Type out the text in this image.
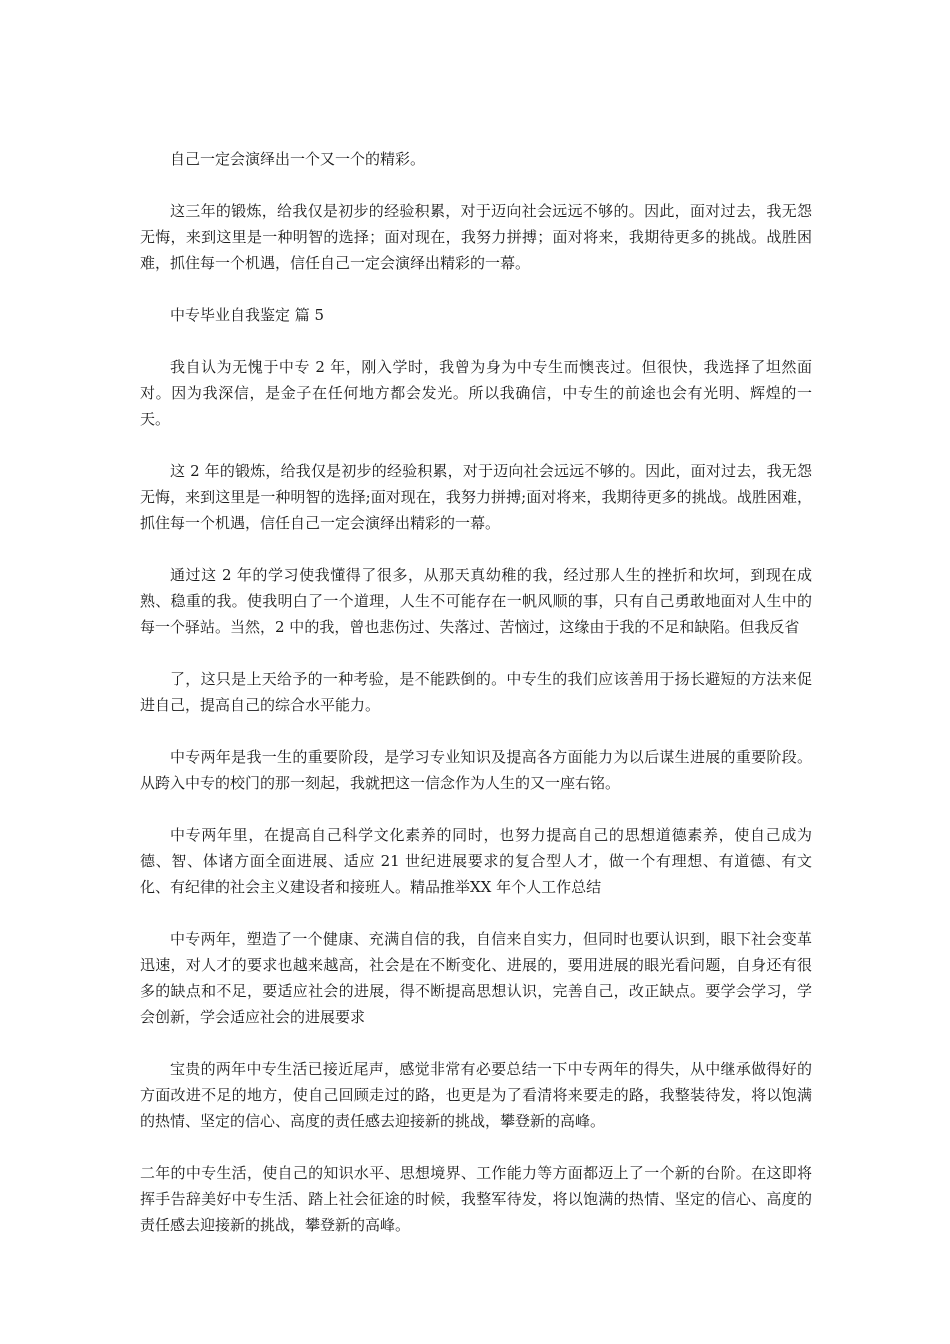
自己一定会演绎出一个又一个的精彩。

这三年的锻炼，给我仅是初步的经验积累，对于迈向社会远远不够的。因此，面对过去，我无怨无悔，来到这里是一种明智的选择；面对现在，我努力拼搏；面对将来，我期待更多的挑战。战胜困难，抓住每一个机遇，信任自己一定会演绎出精彩的一幕。

中专毕业自我鉴定 篇 5

我自认为无愧于中专 2 年，刚入学时，我曾为身为中专生而懊丧过。但很快，我选择了坦然面对。因为我深信，是金子在任何地方都会发光。所以我确信，中专生的前途也会有光明、辉煌的一天。

这 2 年的锻炼，给我仅是初步的经验积累，对于迈向社会远远不够的。因此，面对过去，我无怨无悔，来到这里是一种明智的选择;面对现在，我努力拼搏;面对将来，我期待更多的挑战。战胜困难，抓住每一个机遇，信任自己一定会演绎出精彩的一幕。

通过这 2 年的学习使我懂得了很多，从那天真幼稚的我，经过那人生的挫折和坎坷，到现在成熟、稳重的我。使我明白了一个道理，人生不可能存在一帆风顺的事，只有自己勇敢地面对人生中的每一个驿站。当然，2 中的我，曾也悲伤过、失落过、苦恼过，这缘由于我的不足和缺陷。但我反省

了，这只是上天给予的一种考验，是不能跌倒的。中专生的我们应该善用于扬长避短的方法来促进自己，提高自己的综合水平能力。

中专两年是我一生的重要阶段，是学习专业知识及提高各方面能力为以后谋生进展的重要阶段。从跨入中专的校门的那一刻起，我就把这一信念作为人生的又一座右铭。

中专两年里，在提高自己科学文化素养的同时，也努力提高自己的思想道德素养，使自己成为德、智、体诸方面全面进展、适应 21 世纪进展要求的复合型人才，做一个有理想、有道德、有文化、有纪律的社会主义建设者和接班人。精品推举XX 年个人工作总结

中专两年，塑造了一个健康、充满自信的我，自信来自实力，但同时也要认识到，眼下社会变革迅速，对人才的要求也越来越高，社会是在不断变化、进展的，要用进展的眼光看问题，自身还有很多的缺点和不足，要适应社会的进展，得不断提高思想认识，完善自己，改正缺点。要学会学习，学会创新，学会适应社会的进展要求

宝贵的两年中专生活已接近尾声，感觉非常有必要总结一下中专两年的得失，从中继承做得好的方面改进不足的地方，使自己回顾走过的路，也更是为了看清将来要走的路，我整装待发，将以饱满的热情、坚定的信心、高度的责任感去迎接新的挑战，攀登新的高峰。

二年的中专生活，使自己的知识水平、思想境界、工作能力等方面都迈上了一个新的台阶。在这即将挥手告辞美好中专生活、踏上社会征途的时候，我整军待发，将以饱满的热情、坚定的信心、高度的责任感去迎接新的挑战，攀登新的高峰。
